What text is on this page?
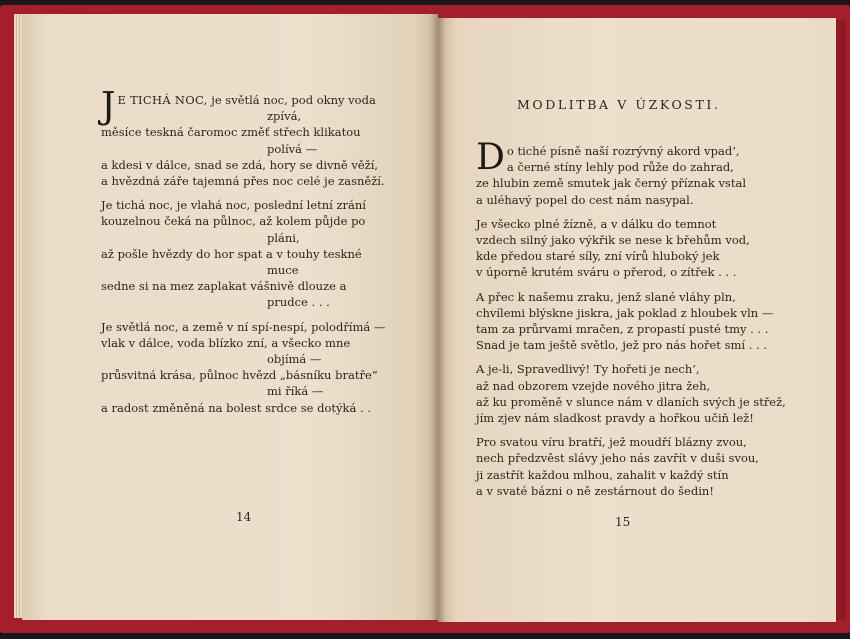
J E TICHÁ NOC, je světlá noc, pod okny voda
zpívá,
měsíce teskná čaromoc změť střech klikatou
polívá —
a kdesi v dálce, snad se zdá, hory se divně věží,
a hvězdná záře tajemná přes noc celé je zasněží.
Je tichá noc, je vlahá noc, poslední letní zrání
kouzelnou čeká na půlnoc, až kolem půjde po
pláni,
až pošle hvězdy do hor spat a v touhy teskné
muce
sedne si na mez zaplakat vášnivě dlouze a
prudce . . .
Je světlá noc, a země v ní spí-nespí, polodřímá —
vlak v dálce, voda blízko zní, a všecko mne
objímá —
průsvitná krása, půlnoc hvězd „básníku bratře“
mi říká —
a radost změněná na bolest srdce se dotýká . .
14
MODLITBA V ÚZKOSTI.
D o tiché písně naší rozrývný akord vpad’,
a černé stíny lehly pod růže do zahrad,
ze hlubin země smutek jak černý příznak vstal
a uléhavý popel do cest nám nasypal.
Je všecko plné žízně, a v dálku do temnot
vzdech silný jako výkřik se nese k břehům vod,
kde předou staré síly, zní vírů hluboký jek
v úporně krutém sváru o přerod, o zítřek . . .
A přec k našemu zraku, jenž slané vláhy pln,
chvílemi blýskne jiskra, jak poklad z hloubek vln —
tam za průrvami mračen, z propastí pusté tmy . . .
Snad je tam ještě světlo, jež pro nás hořet smí . . .
A je-li, Spravedlivý! Ty hořeti je nech’,
až nad obzorem vzejde nového jitra žeh,
až ku proměně v slunce nám v dlaních svých je střež,
jím zjev nám sladkost pravdy a hořkou učiň lež!
Pro svatou víru bratří, jež moudří blázny zvou,
nech předzvěst slávy jeho nás zavřít v duši svou,
ji zastřít každou mlhou, zahalit v každý stín
a v svaté bázni o ně zestárnout do šedin!
15
